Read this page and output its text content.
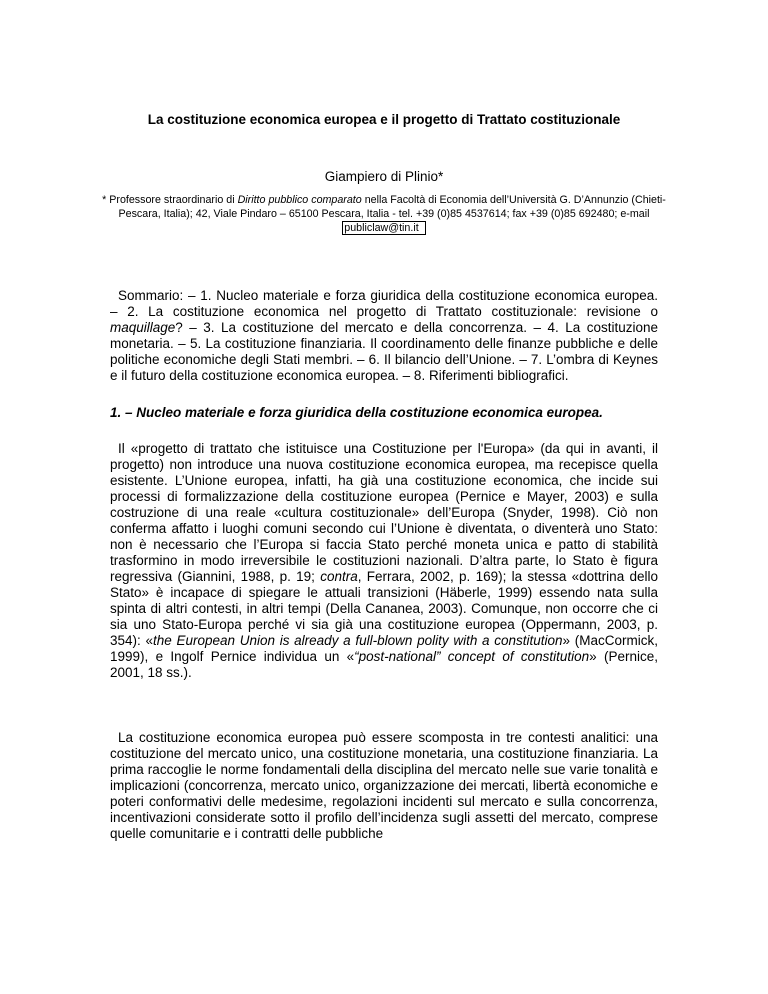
La costituzione economica europea e il progetto di Trattato costituzionale
Giampiero di Plinio*
* Professore straordinario di Diritto pubblico comparato nella Facoltà di Economia dell’Università G. D’Annunzio (Chieti-Pescara, Italia); 42, Viale Pindaro – 65100 Pescara, Italia - tel. +39 (0)85 4537614; fax +39 (0)85 692480; e-mail publiclaw@tin.it
Sommario: – 1. Nucleo materiale e forza giuridica della costituzione economica europea. – 2. La costituzione economica nel progetto di Trattato costituzionale: revisione o maquillage? – 3. La costituzione del mercato e della concorrenza. – 4. La costituzione monetaria. – 5. La costituzione finanziaria. Il coordinamento delle finanze pubbliche e delle politiche economiche degli Stati membri. – 6. Il bilancio dell’Unione. – 7. L’ombra di Keynes e il futuro della costituzione economica europea. – 8. Riferimenti bibliografici.
1. – Nucleo materiale e forza giuridica della costituzione economica europea.
Il «progetto di trattato che istituisce una Costituzione per l'Europa» (da qui in avanti, il progetto) non introduce una nuova costituzione economica europea, ma recepisce quella esistente. L’Unione europea, infatti, ha già una costituzione economica, che incide sui processi di formalizzazione della costituzione europea (Pernice e Mayer, 2003) e sulla costruzione di una reale «cultura costituzionale» dell’Europa (Snyder, 1998). Ciò non conferma affatto i luoghi comuni secondo cui l’Unione è diventata, o diventerà uno Stato: non è necessario che l’Europa si faccia Stato perché moneta unica e patto di stabilità trasformino in modo irreversibile le costituzioni nazionali. D’altra parte, lo Stato è figura regressiva (Giannini, 1988, p. 19; contra, Ferrara, 2002, p. 169); la stessa «dottrina dello Stato» è incapace di spiegare le attuali transizioni (Häberle, 1999) essendo nata sulla spinta di altri contesti, in altri tempi (Della Cananea, 2003). Comunque, non occorre che ci sia uno Stato-Europa perché vi sia già una costituzione europea (Oppermann, 2003, p. 354): «the European Union is already a full-blown polity with a constitution» (MacCormick, 1999), e Ingolf Pernice individua un «“post-national” concept of constitution» (Pernice, 2001, 18 ss.).
La costituzione economica europea può essere scomposta in tre contesti analitici: una costituzione del mercato unico, una costituzione monetaria, una costituzione finanziaria. La prima raccoglie le norme fondamentali della disciplina del mercato nelle sue varie tonalità e implicazioni (concorrenza, mercato unico, organizzazione dei mercati, libertà economiche e poteri conformativi delle medesime, regolazioni incidenti sul mercato e sulla concorrenza, incentivazioni considerate sotto il profilo dell’incidenza sugli assetti del mercato, comprese quelle comunitarie e i contratti delle pubbliche
